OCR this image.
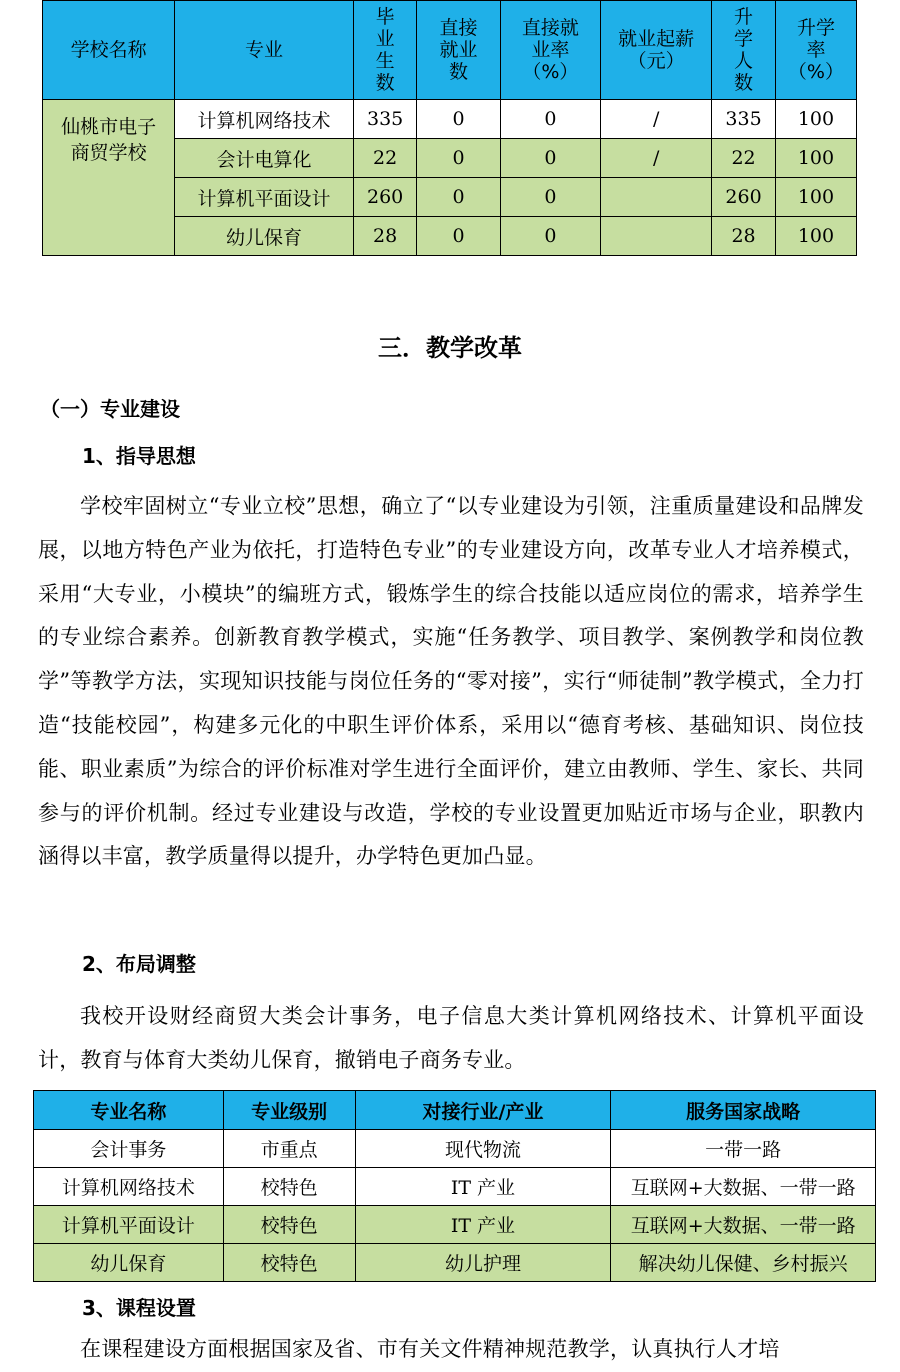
学校名称	专业	毕业生数	直接就业数	直接就业率（%）	就业起薪（元）	升学人数	升学率（%）
仙桃市电子商贸学校	计算机网络技术	335	0	0	/	335	100
	会计电算化	22	0	0	/	22	100
	计算机平面设计	260	0	0		260	100
	幼儿保育	28	0	0		28	100
三．教学改革
（一）专业建设
1、指导思想
学校牢固树立“专业立校”思想，确立了“以专业建设为引领，注重质量建设和品牌发展，以地方特色产业为依托，打造特色专业”的专业建设方向，改革专业人才培养模式，采用“大专业，小模块”的编班方式，锻炼学生的综合技能以适应岗位的需求，培养学生的专业综合素养。创新教育教学模式，实施“任务教学、项目教学、案例教学和岗位教学”等教学方法，实现知识技能与岗位任务的“零对接”，实行“师徒制”教学模式，全力打造“技能校园”，构建多元化的中职生评价体系，采用以“德育考核、基础知识、岗位技能、职业素质”为综合的评价标准对学生进行全面评价，建立由教师、学生、家长、共同参与的评价机制。经过专业建设与改造，学校的专业设置更加贴近市场与企业，职教内涵得以丰富，教学质量得以提升，办学特色更加凸显。
2、布局调整
我校开设财经商贸大类会计事务，电子信息大类计算机网络技术、计算机平面设计，教育与体育大类幼儿保育，撤销电子商务专业。
专业名称	专业级别	对接行业/产业	服务国家战略
会计事务	市重点	现代物流	一带一路
计算机网络技术	校特色	IT 产业	互联网+大数据、一带一路
计算机平面设计	校特色	IT 产业	互联网+大数据、一带一路
幼儿保育	校特色	幼儿护理	解决幼儿保健、乡村振兴
3、课程设置
在课程建设方面根据国家及省、市有关文件精神规范教学，认真执行人才培
